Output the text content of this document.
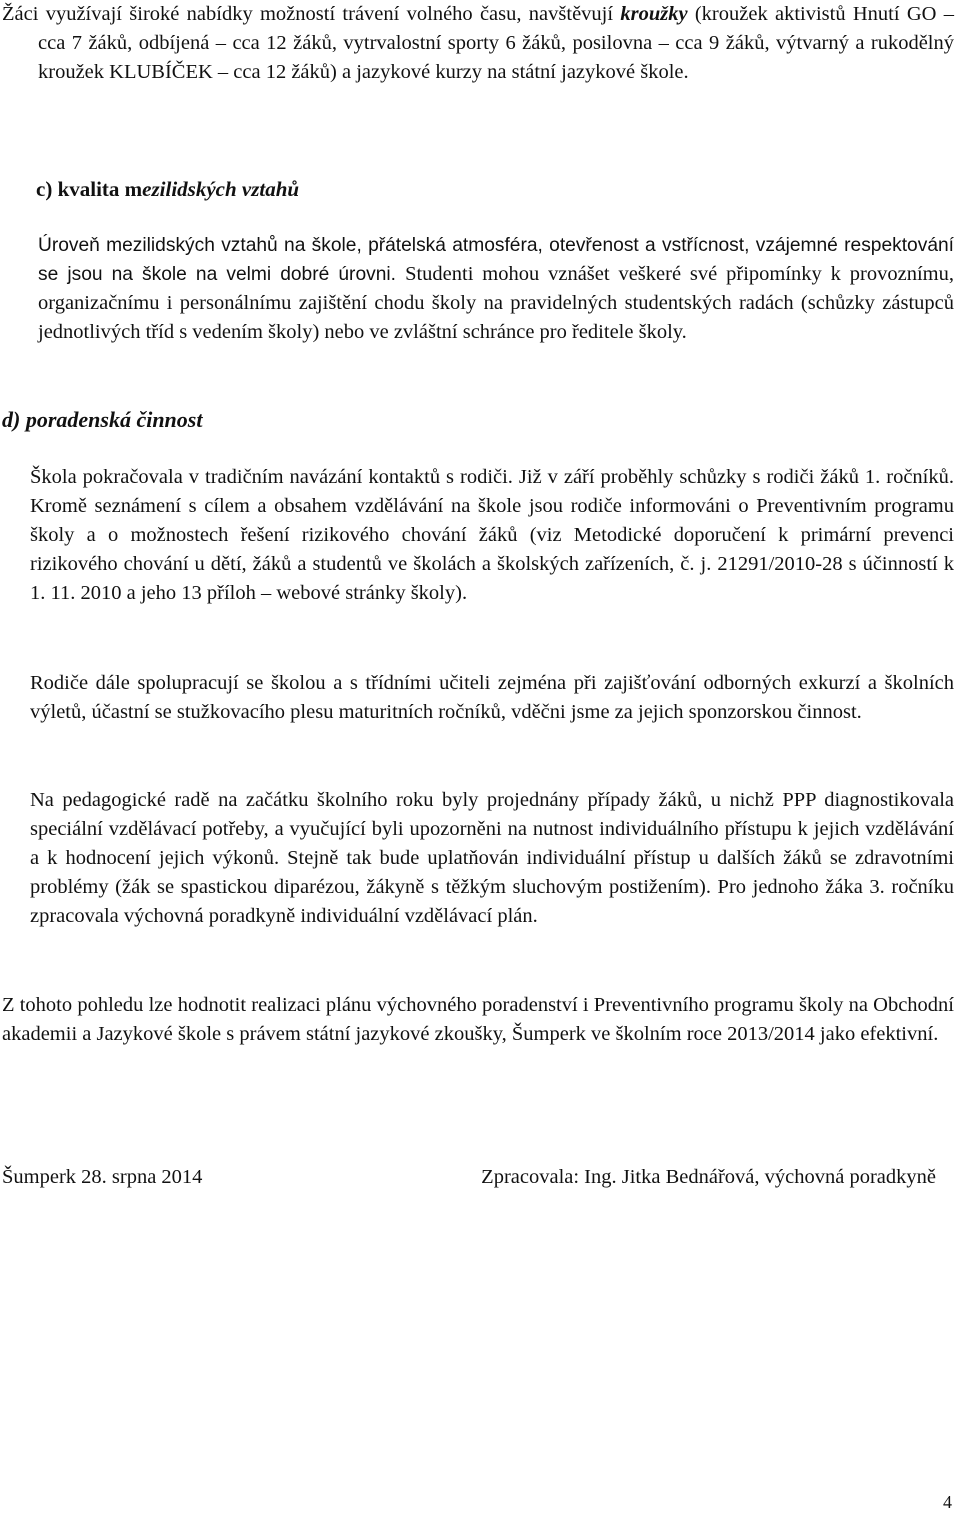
Žáci využívají široké nabídky možností trávení volného času, navštěvují kroužky (kroužek aktivistů Hnutí GO – cca 7 žáků, odbíjená – cca 12 žáků, vytrvalostní sporty 6 žáků, posilovna – cca 9 žáků, výtvarný a rukodělný kroužek KLUBÍČEK – cca 12 žáků) a jazykové kurzy na státní jazykové škole.

c) kvalita mezilidských vztahů

Úroveň mezilidských vztahů na škole, přátelská atmosféra, otevřenost a vstřícnost, vzájemné respektování se jsou na škole na velmi dobré úrovni. Studenti mohou vznášet veškeré své připomínky k provoznímu, organizačnímu i personálnímu zajištění chodu školy na pravidelných studentských radách (schůzky zástupců jednotlivých tříd s vedením školy) nebo ve zvláštní schránce pro ředitele školy.

d) poradenská činnost

Škola pokračovala v tradičním navázání kontaktů s rodiči. Již v září proběhly schůzky s rodiči žáků 1. ročníků. Kromě seznámení s cílem a obsahem vzdělávání na škole jsou rodiče informováni o Preventivním programu školy a o možnostech řešení rizikového chování žáků (viz Metodické doporučení k primární prevenci rizikového chování u dětí, žáků a studentů ve školách a školských zařízeních, č. j. 21291/2010-28 s účinností k 1. 11. 2010 a jeho 13 příloh – webové stránky školy).

Rodiče dále spolupracují se školou a s třídními učiteli zejména při zajišťování odborných exkurzí a školních výletů, účastní se stužkovacího plesu maturitních ročníků, vděčni jsme za jejich sponzorskou činnost.

Na pedagogické radě na začátku školního roku byly projednány případy žáků, u nichž PPP diagnostikovala speciální vzdělávací potřeby, a vyučující byli upozorněni na nutnost individuálního přístupu k jejich vzdělávání a k hodnocení jejich výkonů. Stejně tak bude uplatňován individuální přístup u dalších žáků se zdravotními problémy (žák se spastickou diparézou, žákyně s těžkým sluchovým postižením). Pro jednoho žáka 3. ročníku zpracovala výchovná poradkyně individuální vzdělávací plán.

Z tohoto pohledu lze hodnotit realizaci plánu výchovného poradenství i Preventivního programu školy na Obchodní akademii a Jazykové škole s právem státní jazykové zkoušky, Šumperk ve školním roce 2013/2014 jako efektivní.

Šumperk 28. srpna 2014	Zpracovala: Ing. Jitka Bednářová, výchovná poradkyně
4
